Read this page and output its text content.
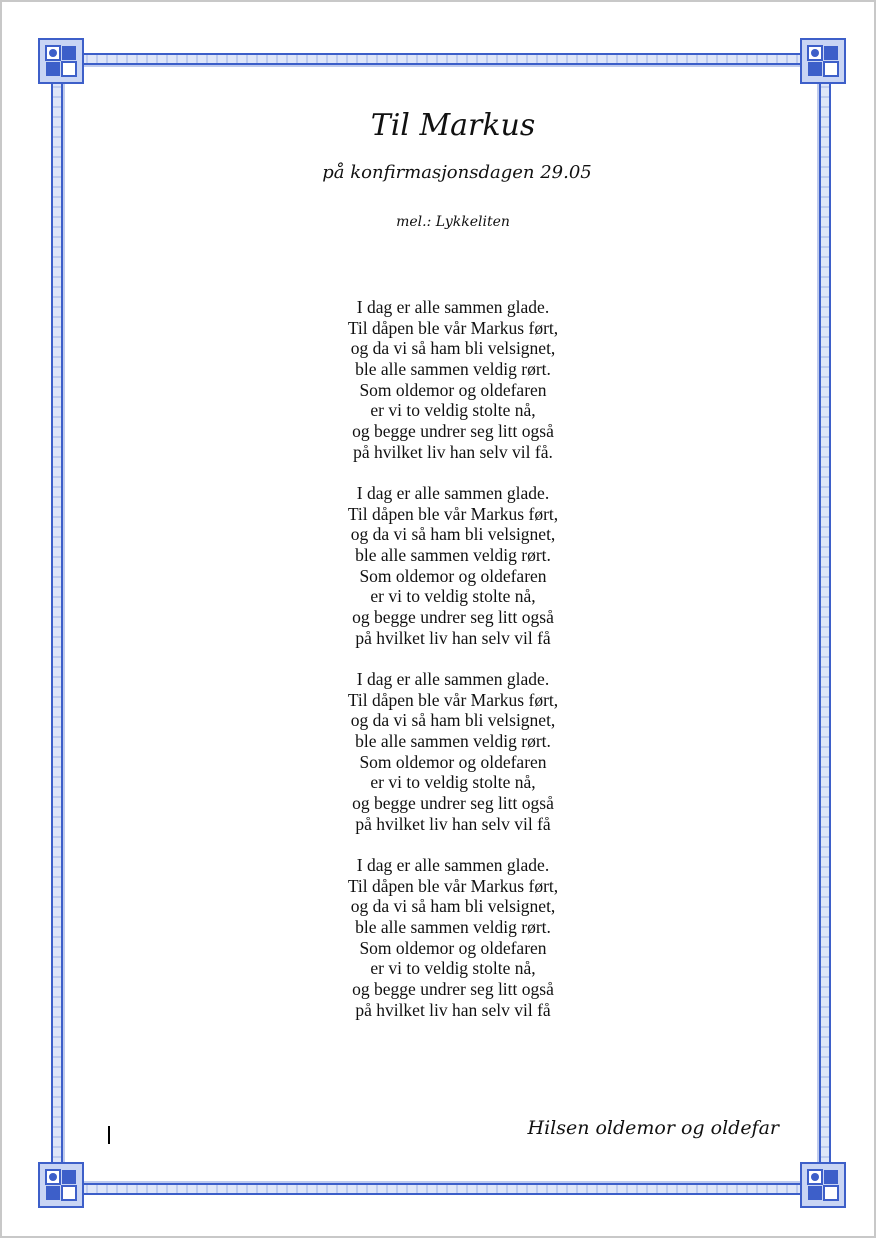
Til Markus
på konfirmasjonsdagen 29.05
mel.: Lykkeliten
I dag er alle sammen glade.
Til dåpen ble vår Markus ført,
og da vi så ham bli velsignet,
ble alle sammen veldig rørt.
Som oldemor og oldefaren
er vi to veldig stolte nå,
og begge undrer seg litt også
på hvilket liv han selv vil få.
I dag er alle sammen glade.
Til dåpen ble vår Markus ført,
og da vi så ham bli velsignet,
ble alle sammen veldig rørt.
Som oldemor og oldefaren
er vi to veldig stolte nå,
og begge undrer seg litt også
på hvilket liv han selv vil få
I dag er alle sammen glade.
Til dåpen ble vår Markus ført,
og da vi så ham bli velsignet,
ble alle sammen veldig rørt.
Som oldemor og oldefaren
er vi to veldig stolte nå,
og begge undrer seg litt også
på hvilket liv han selv vil få
I dag er alle sammen glade.
Til dåpen ble vår Markus ført,
og da vi så ham bli velsignet,
ble alle sammen veldig rørt.
Som oldemor og oldefaren
er vi to veldig stolte nå,
og begge undrer seg litt også
på hvilket liv han selv vil få
Hilsen oldemor og oldefar
